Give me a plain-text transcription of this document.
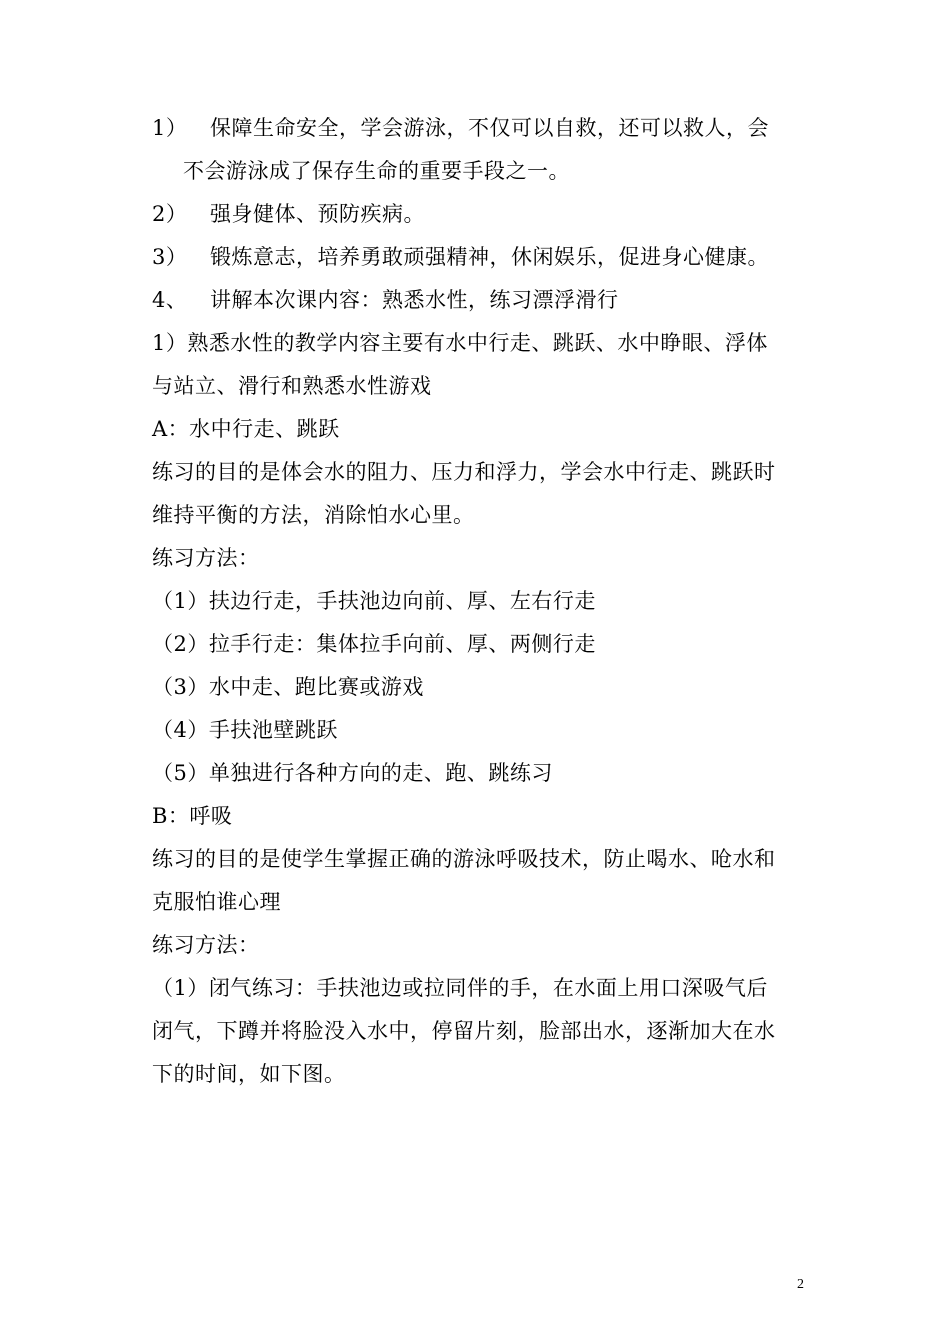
1） 保障生命安全，学会游泳，不仅可以自救，还可以救人，会
不会游泳成了保存生命的重要手段之一。
2） 强身健体、预防疾病。
3） 锻炼意志，培养勇敢顽强精神，休闲娱乐，促进身心健康。
4、 讲解本次课内容：熟悉水性，练习漂浮滑行
1）熟悉水性的教学内容主要有水中行走、跳跃、水中睁眼、浮体
与站立、滑行和熟悉水性游戏
A：水中行走、跳跃
练习的目的是体会水的阻力、压力和浮力，学会水中行走、跳跃时
维持平衡的方法，消除怕水心里。
练习方法：
（1）扶边行走，手扶池边向前、厚、左右行走
（2）拉手行走：集体拉手向前、厚、两侧行走
（3）水中走、跑比赛或游戏
（4）手扶池壁跳跃
（5）单独进行各种方向的走、跑、跳练习
B：呼吸
练习的目的是使学生掌握正确的游泳呼吸技术，防止喝水、呛水和
克服怕谁心理
练习方法：
（1）闭气练习：手扶池边或拉同伴的手，在水面上用口深吸气后
闭气，下蹲并将脸没入水中，停留片刻，脸部出水，逐渐加大在水
下的时间，如下图。
2
